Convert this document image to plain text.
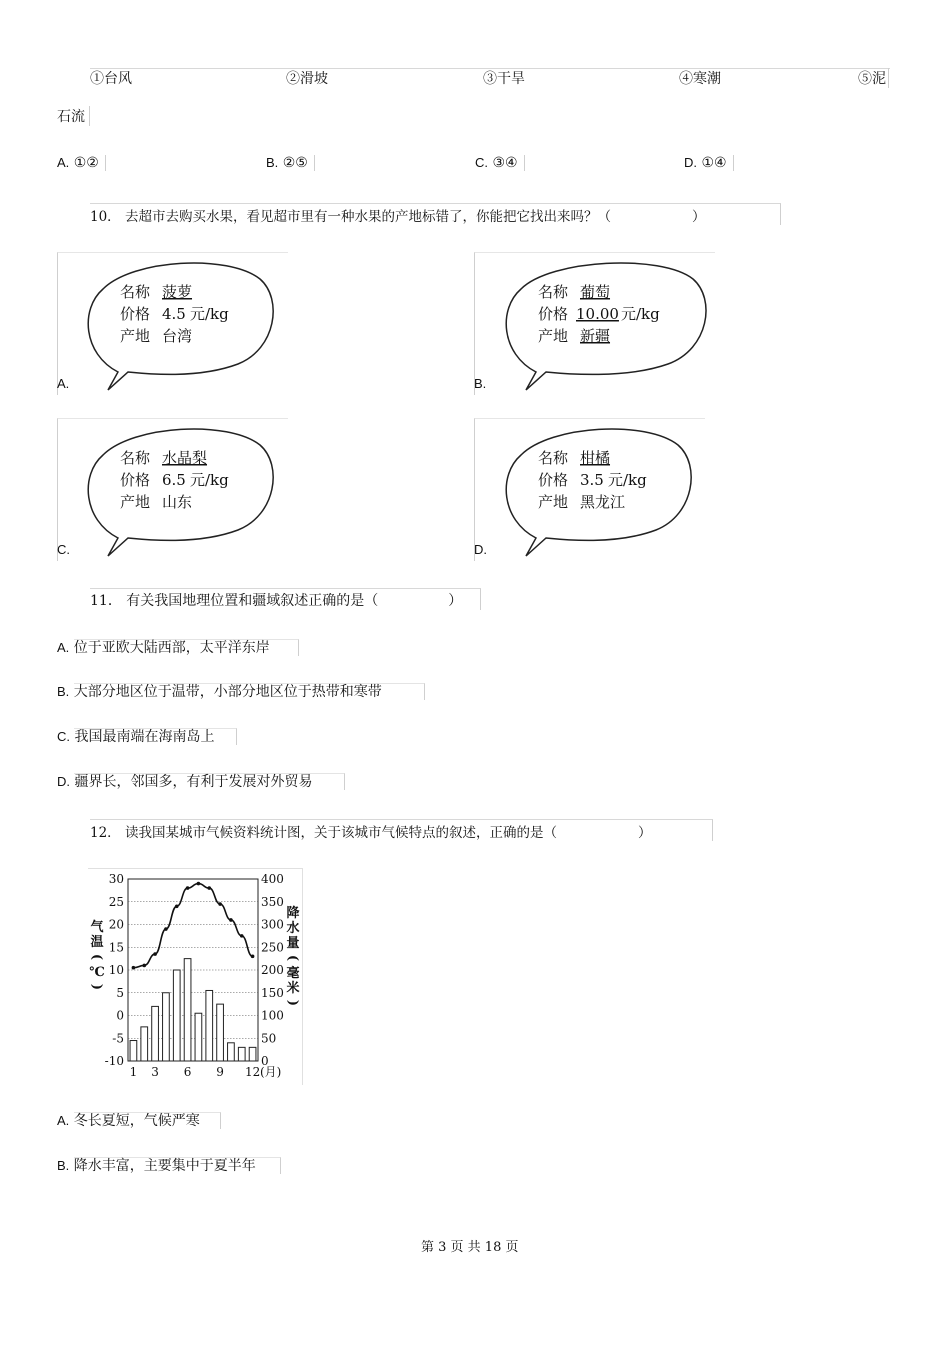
①台风	②滑坡	③干旱	④寒潮	⑤泥
石流
A. ①②	B. ②⑤	C. ③④	D. ①④
10． 去超市去购买水果，看见超市里有一种水果的产地标错了，你能把它找出来吗？（　　　　　　）
A.	B.
C.	D.
名称 菠萝
价格 4.5 元/kg
产地 台湾
名称 葡萄
价格 10.00 元/kg
产地 新疆
名称 水晶梨
价格 6.5 元/kg
产地 山东
名称 柑橘
价格 3.5 元/kg
产地 黑龙江
11． 有关我国地理位置和疆域叙述正确的是（　　　　　）
A. 位于亚欧大陆西部，太平洋东岸
B. 大部分地区位于温带，小部分地区位于热带和寒带
C. 我国最南端在海南岛上
D. 疆界长，邻国多，有利于发展对外贸易
12． 读我国某城市气候资料统计图，关于该城市气候特点的叙述，正确的是（　　　　　　）
30
25
20
15
10
5
0
-5
-10
400
350
300
250
200
150
100
50
0
1 3 6 9 12 (月)
气
温
(
℃
)
降
水
量
(
毫
米
)
A. 冬长夏短，气候严寒
B. 降水丰富，主要集中于夏半年
第 3 页 共 18 页
